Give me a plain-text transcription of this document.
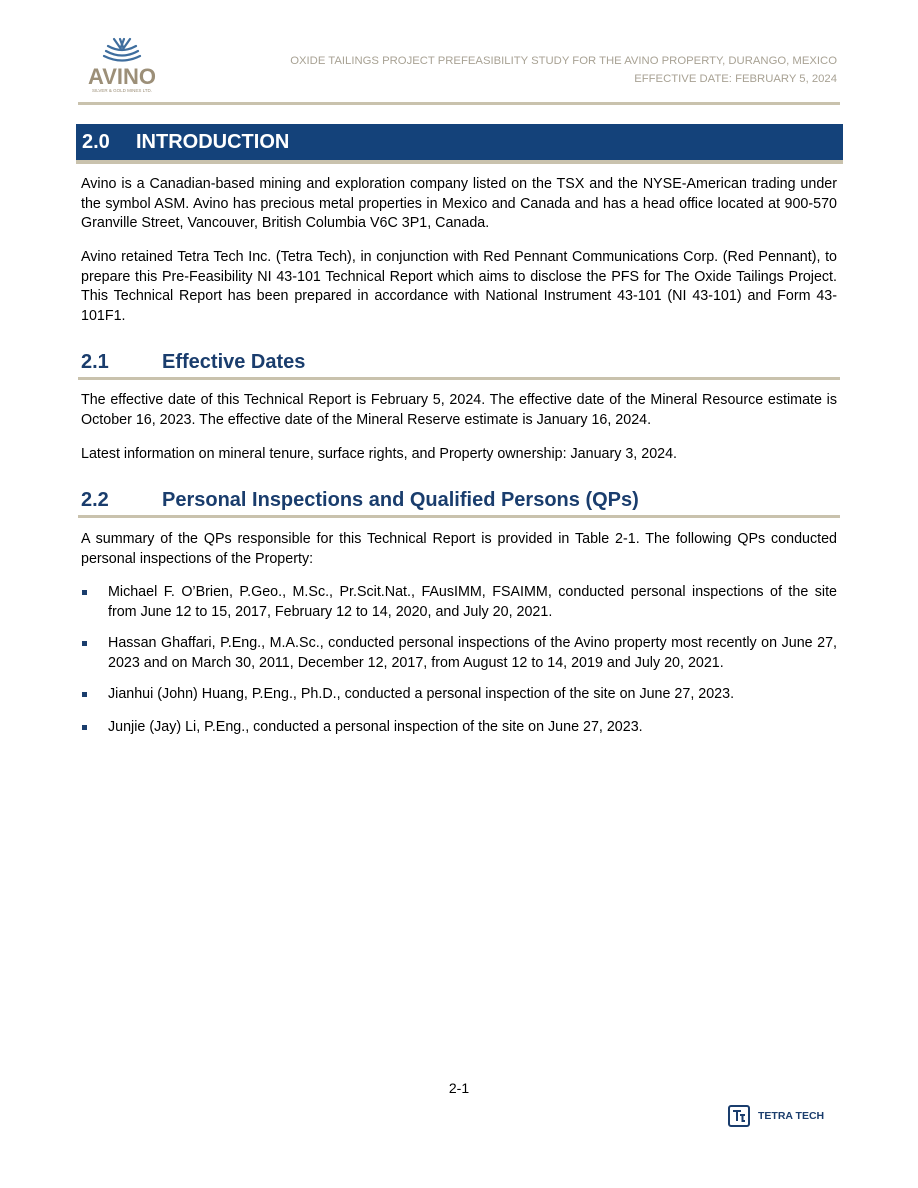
AVINO
SILVER & GOLD MINES LTD.
OXIDE TAILINGS PROJECT PREFEASIBILITY STUDY FOR THE AVINO PROPERTY, DURANGO, MEXICO
EFFECTIVE DATE: FEBRUARY 5, 2024
2.0 INTRODUCTION

Avino is a Canadian-based mining and exploration company listed on the TSX and the NYSE-American trading under the symbol ASM. Avino has precious metal properties in Mexico and Canada and has a head office located at 900-570 Granville Street, Vancouver, British Columbia V6C 3P1, Canada.

Avino retained Tetra Tech Inc. (Tetra Tech), in conjunction with Red Pennant Communications Corp. (Red Pennant), to prepare this Pre-Feasibility NI 43-101 Technical Report which aims to disclose the PFS for The Oxide Tailings Project. This Technical Report has been prepared in accordance with National Instrument 43-101 (NI 43-101) and Form 43-101F1.

2.1	Effective Dates

The effective date of this Technical Report is February 5, 2024. The effective date of the Mineral Resource estimate is October 16, 2023. The effective date of the Mineral Reserve estimate is January 16, 2024.

Latest information on mineral tenure, surface rights, and Property ownership: January 3, 2024.

2.2	Personal Inspections and Qualified Persons (QPs)

A summary of the QPs responsible for this Technical Report is provided in Table 2-1. The following QPs conducted personal inspections of the Property:

Michael F. O’Brien, P.Geo., M.Sc., Pr.Scit.Nat., FAusIMM, FSAIMM, conducted personal inspections of the site from June 12 to 15, 2017, February 12 to 14, 2020, and July 20, 2021.

Hassan Ghaffari, P.Eng., M.A.Sc., conducted personal inspections of the Avino property most recently on June 27, 2023 and on March 30, 2011, December 12, 2017, from August 12 to 14, 2019 and July 20, 2021.

Jianhui (John) Huang, P.Eng., Ph.D., conducted a personal inspection of the site on June 27, 2023.

Junjie (Jay) Li, P.Eng., conducted a personal inspection of the site on June 27, 2023.

2-1
TETRA TECH
